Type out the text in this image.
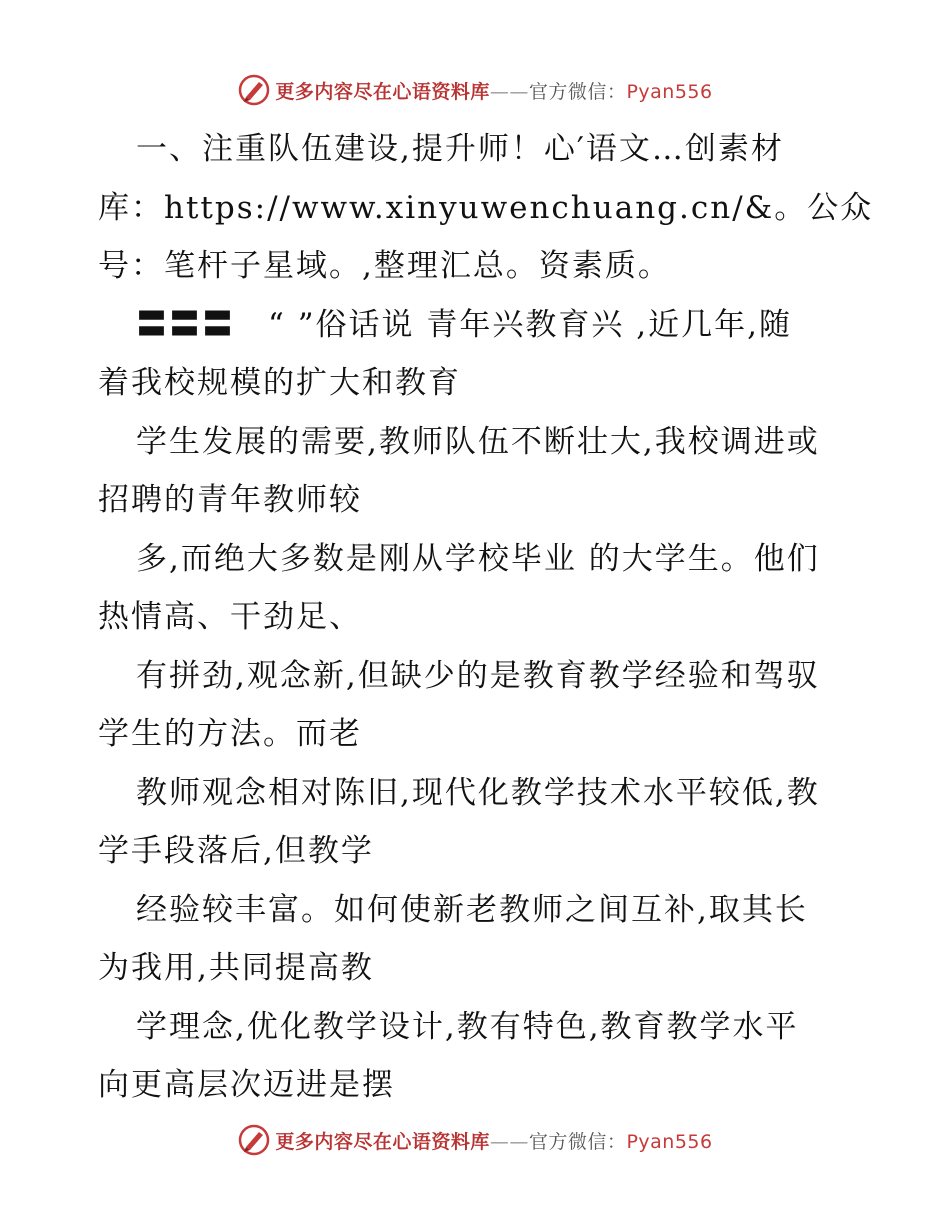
更多内容尽在心语资料库——官方微信：Pyan556
一、注重队伍建设,提升师！心′语文…创素材
库：https://www.xinyuwenchuang.cn/&。公众
号：笔杆子星域。,整理汇总。资素质。
〓〓〓　“ ”俗话说 青年兴教育兴 ,近几年,随
着我校规模的扩大和教育
学生发展的需要,教师队伍不断壮大,我校调进或
招聘的青年教师较
多,而绝大多数是刚从学校毕业 的大学生。他们
热情高、干劲足、
有拼劲,观念新,但缺少的是教育教学经验和驾驭
学生的方法。而老
教师观念相对陈旧,现代化教学技术水平较低,教
学手段落后,但教学
经验较丰富。如何使新老教师之间互补,取其长
为我用,共同提高教
学理念,优化教学设计,教有特色,教育教学水平
向更高层次迈进是摆
更多内容尽在心语资料库——官方微信：Pyan556
